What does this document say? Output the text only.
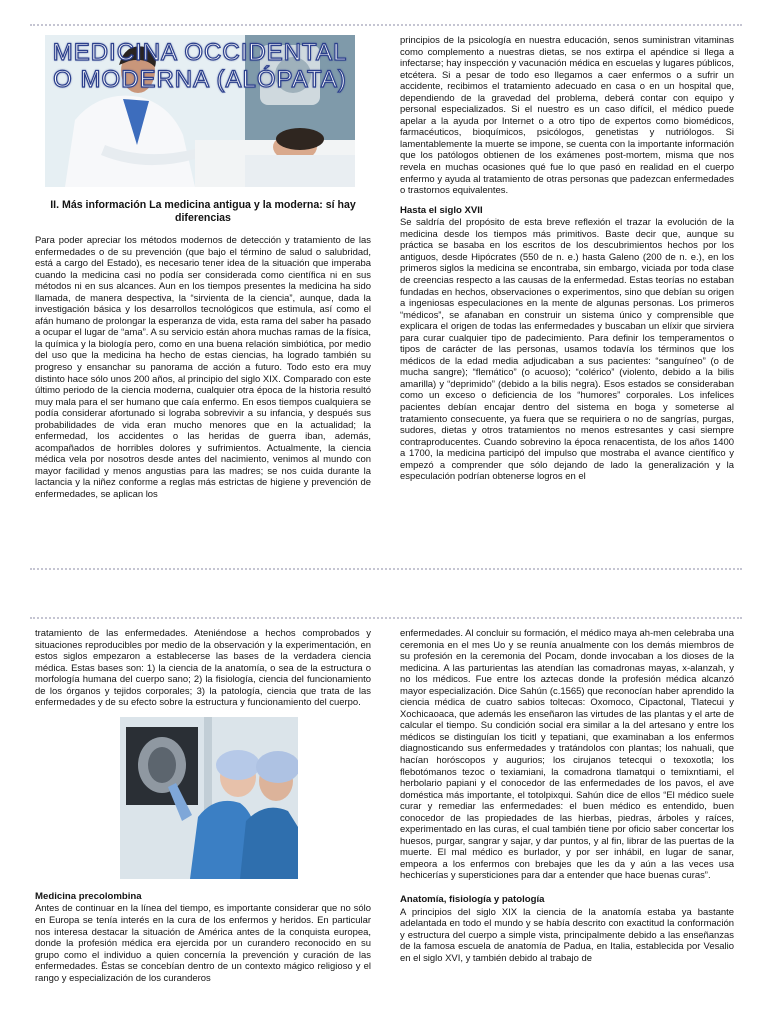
MEDICINA OCCIDENTAL O MODERNA (ALÓPATA)
II. Más información La medicina antigua y la moderna: sí hay diferencias

Para poder apreciar los métodos modernos de detección y tratamiento de las enfermedades o de su prevención (que bajo el término de salud o salubridad, está a cargo del Estado), es necesario tener idea de la situación que imperaba cuando la medicina casi no podía ser considerada como científica ni en sus métodos ni en sus alcances. Aun en los tiempos presentes la medicina ha sido llamada, de manera despectiva, la “sirvienta de la ciencia”, aunque, dada la investigación básica y los desarrollos tecnológicos que estimula, así como el afán humano de prolongar la esperanza de vida, esta rama del saber ha pasado a ocupar el lugar de “ama”. A su servicio están ahora muchas ramas de la física, la química y la biología pero, como en una buena relación simbiótica, por medio del uso que la medicina ha hecho de estas ciencias, ha logrado también su progreso y ensanchar su panorama de acción a futuro. Todo esto era muy distinto hace sólo unos 200 años, al principio del siglo XIX. Comparado con este último periodo de la ciencia moderna, cualquier otra época de la historia resultó muy mala para el ser humano que caía enfermo. En esos tiempos cualquiera se podía considerar afortunado si lograba sobrevivir a su infancia, y después sus probabilidades de vida eran mucho menores que en la actualidad; la enfermedad, los accidentes o las heridas de guerra iban, además, acompañados de horribles dolores y sufrimientos. Actualmente, la ciencia médica vela por nosotros desde antes del nacimiento, venimos al mundo con mayor facilidad y menos angustias para las madres; se nos cuida durante la lactancia y la niñez conforme a reglas más estrictas de higiene y prevención de enfermedades, se aplican los

principios de la psicología en nuestra educación, senos suministran vitaminas como complemento a nuestras dietas, se nos extirpa el apéndice si llega a infectarse; hay inspección y vacunación médica en escuelas y lugares públicos, etcétera. Si a pesar de todo eso llegamos a caer enfermos o a sufrir un accidente, recibimos el tratamiento adecuado en casa o en un hospital que, dependiendo de la gravedad del problema, deberá contar con equipo y personal especializados. Si el nuestro es un caso difícil, el médico puede apelar a la ayuda por Internet o a otro tipo de expertos como biomédicos, farmacéuticos, bioquímicos, psicólogos, genetistas y nutriólogos. Si lamentablemente la muerte se impone, se cuenta con la importante información que los patólogos obtienen de los exámenes post-mortem, misma que nos revela en muchas ocasiones qué fue lo que pasó en realidad en el cuerpo enfermo y ayuda al tratamiento de otras personas que padezcan enfermedades o trastornos equivalentes.

Hasta el siglo XVII

Se saldría del propósito de esta breve reflexión el trazar la evolución de la medicina desde los tiempos más primitivos. Baste decir que, aunque su práctica se basaba en los escritos de los descubrimientos hechos por los antiguos, desde Hipócrates (550 de n. e.) hasta Galeno (200 de n. e.), en los primeros siglos la medicina se encontraba, sin embargo, viciada por toda clase de creencias respecto a las causas de la enfermedad. Estas teorías no estaban fundadas en hechos, observaciones o experimentos, sino que debían su origen a ingeniosas especulaciones en la mente de algunas personas. Los primeros “médicos”, se afanaban en construir un sistema único y comprensible que explicara el origen de todas las enfermedades y buscaban un elíxir que sirviera para curar cualquier tipo de padecimiento. Para definir los temperamentos o tipos de carácter de las personas, usamos todavía los términos que los médicos de la edad media adjudicaban a sus pacientes: “sanguíneo” (o de mucha sangre); “flemático” (o acuoso); “colérico” (violento, debido a la bilis amarilla) y “deprimido” (debido a la bilis negra). Esos estados se consideraban como un exceso o deficiencia de los “humores” corporales. Los infelices pacientes debían encajar dentro del sistema en boga y someterse al tratamiento consecuente, ya fuera que se requiriera o no de sangrías, purgas, sudores, dietas y otros tratamientos no menos estresantes y casi siempre contraproducentes. Cuando sobrevino la época renacentista, de los años 1400 a 1700, la medicina participó del impulso que mostraba el avance científico y empezó a comprender que sólo dejando de lado la generalización y la especulación podrían obtenerse logros en el

tratamiento de las enfermedades. Ateniéndose a hechos comprobados y situaciones reproducibles por medio de la observación y la experimentación, en estos siglos empezaron a establecerse las bases de la verdadera ciencia médica. Estas bases son: 1) la ciencia de la anatomía, o sea de la estructura o morfología humana del cuerpo sano; 2) la fisiología, ciencia del funcionamiento de los órganos y tejidos corporales; 3) la patología, ciencia que trata de las enfermedades y de su efecto sobre la estructura y funcionamiento del cuerpo.

Medicina precolombina

Antes de continuar en la línea del tiempo, es importante considerar que no sólo en Europa se tenía interés en la cura de los enfermos y heridos. En particular nos interesa destacar la situación de América antes de la conquista europea, donde la profesión médica era ejercida por un curandero reconocido en su grupo como el individuo a quien concernía la prevención y curación de las enfermedades. Éstas se concebían dentro de un contexto mágico religioso y el rango y especialización de los curanderos

enfermedades. Al concluir su formación, el médico maya ah-men celebraba una ceremonia en el mes Uo y se reunía anualmente con los demás miembros de su profesión en la ceremonia del Pocam, donde invocaban a los dioses de la medicina. A las parturientas las atendían las comadronas mayas, x-alanzah, y no los médicos. Fue entre los aztecas donde la profesión médica alcanzó mayor especialización. Dice Sahún (c.1565) que reconocían haber aprendido la ciencia médica de cuatro sabios toltecas: Oxomoco, Cipactonal, Tlatecui y Xochicaoaca, que además les enseñaron las virtudes de las plantas y el arte de calcular el tiempo. Su condición social era similar a la del artesano y entre los médicos se distinguían los ticitl y tepatiani, que examinaban a los enfermos diagnosticando sus enfermedades y tratándolos con plantas; los nahuali, que hacían horóscopos y augurios; los cirujanos tetecqui o texoxotla; los flebotómanos tezoc o texiamiani, la comadrona tlamatqui o temixntiami, el herbolario papiani y el conocedor de las enfermedades de los pavos, el ave doméstica más importante, el totolpixqui. Sahún dice de ellos “El médico suele curar y remediar las enfermedades: el buen médico es entendido, buen conocedor de las propiedades de las hierbas, piedras, árboles y raíces, experimentado en las curas, el cual también tiene por oficio saber concertar los huesos, purgar, sangrar y sajar, y dar puntos, y al fin, librar de las puertas de la muerte. El mal médico es burlador, y por ser inhábil, en lugar de sanar, empeora a los enfermos con brebajes que les da y aún a las veces usa hechicerías y supersticiones para dar a entender que hace buenas curas”.

Anatomía, fisiología y patología

A principios del siglo XIX la ciencia de la anatomía estaba ya bastante adelantada en todo el mundo y se había descrito con exactitud la conformación y estructura del cuerpo a simple vista, principalmente debido a las enseñanzas de la famosa escuela de anatomía de Padua, en Italia, establecida por Vesalio en el siglo XVI, y también debido al trabajo de
